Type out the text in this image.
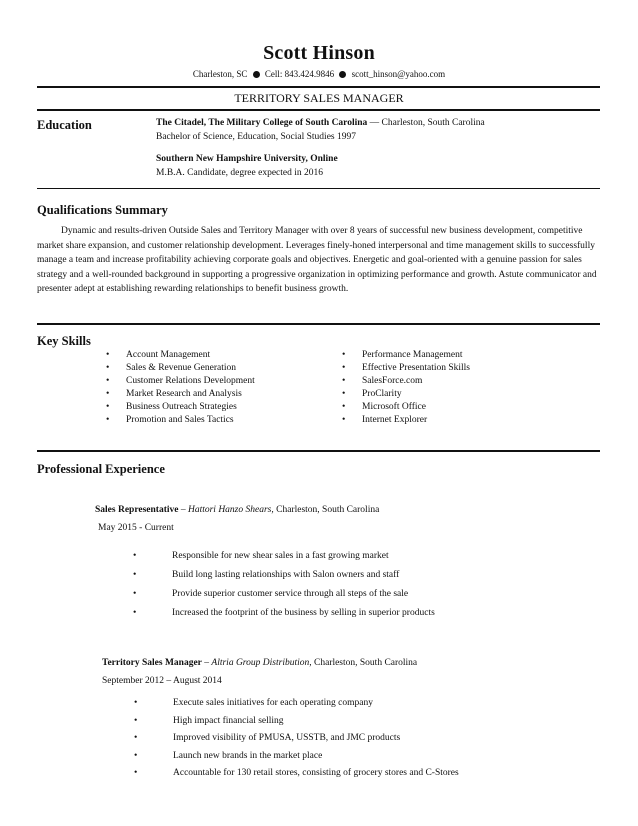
Scott Hinson
Charleston, SC Cell: 843.424.9846 scott_hinson@yahoo.com
TERRITORY SALES MANAGER
Education	The Citadel, The Military College of South Carolina — Charleston, South Carolina
Bachelor of Science, Education, Social Studies 1997
Southern New Hampshire University, Online
M.B.A. Candidate, degree expected in 2016
Qualifications Summary
Dynamic and results-driven Outside Sales and Territory Manager with over 8 years of successful new business development, competitive market share expansion, and customer relationship development. Leverages finely-honed interpersonal and time management skills to successfully manage a team and increase profitability achieving corporate goals and objectives. Energetic and goal-oriented with a genuine passion for sales strategy and a well-rounded background in supporting a progressive organization in optimizing performance and growth. Astute communicator and presenter adept at establishing rewarding relationships to benefit business growth.
Key Skills
• Account Management
• Sales & Revenue Generation
• Customer Relations Development
• Market Research and Analysis
• Business Outreach Strategies
• Promotion and Sales Tactics
• Performance Management
• Effective Presentation Skills
• SalesForce.com
• ProClarity
• Microsoft Office
• Internet Explorer
Professional Experience
Sales Representative – Hattori Hanzo Shears, Charleston, South Carolina
May 2015 - Current
• Responsible for new shear sales in a fast growing market
• Build long lasting relationships with Salon owners and staff
• Provide superior customer service through all steps of the sale
• Increased the footprint of the business by selling in superior products
Territory Sales Manager – Altria Group Distribution, Charleston, South Carolina
September 2012 – August 2014
• Execute sales initiatives for each operating company
• High impact financial selling
• Improved visibility of PMUSA, USSTB, and JMC products
• Launch new brands in the market place
• Accountable for 130 retail stores, consisting of grocery stores and C-Stores
